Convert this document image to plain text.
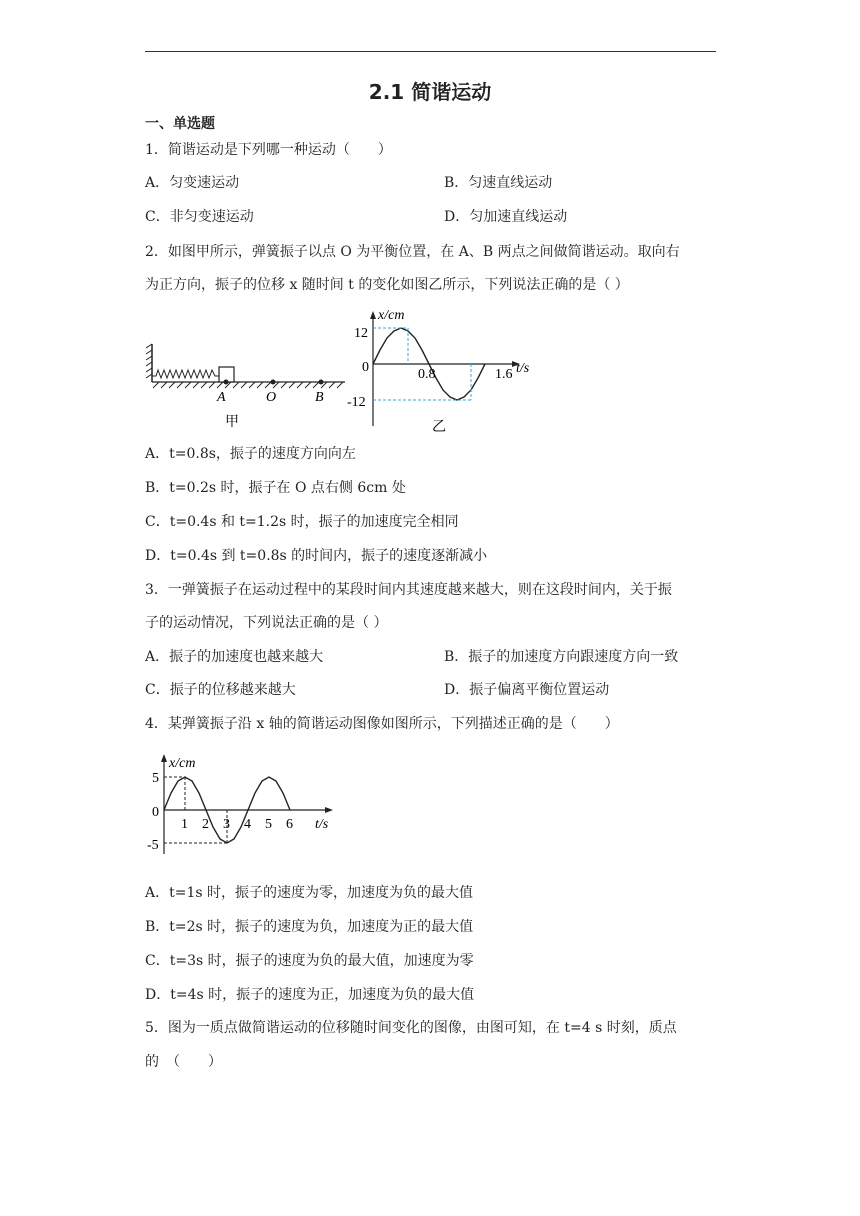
2.1 简谐运动
一、单选题
1．简谐运动是下列哪一种运动（　　）
A．匀变速运动	B．匀速直线运动
C．非匀变速运动	D．匀加速直线运动
2．如图甲所示，弹簧振子以点 O 为平衡位置，在 A、B 两点之间做简谐运动。取向右
为正方向，振子的位移 x 随时间 t 的变化如图乙所示，下列说法正确的是（ ）
A	O	B
甲
x/cm
t/s
12
0
-12
0.8	1.6
乙
A．t=0.8s，振子的速度方向向左
B．t=0.2s 时，振子在 O 点右侧 6cm 处
C．t=0.4s 和 t=1.2s 时，振子的加速度完全相同
D．t=0.4s 到 t=0.8s 的时间内，振子的速度逐渐减小
3．一弹簧振子在运动过程中的某段时间内其速度越来越大，则在这段时间内，关于振
子的运动情况，下列说法正确的是（ ）
A．振子的加速度也越来越大	B．振子的加速度方向跟速度方向一致
C．振子的位移越来越大	D．振子偏离平衡位置运动
4．某弹簧振子沿 x 轴的简谐运动图像如图所示，下列描述正确的是（　　）
x/cm
t/s
5
0
-5
1 2 3 4 5 6
A．t=1s 时，振子的速度为零，加速度为负的最大值
B．t=2s 时，振子的速度为负，加速度为正的最大值
C．t=3s 时，振子的速度为负的最大值，加速度为零
D．t=4s 时，振子的速度为正，加速度为负的最大值
5．图为一质点做简谐运动的位移随时间变化的图像，由图可知，在 t=4 s 时刻，质点
的　（　　）
